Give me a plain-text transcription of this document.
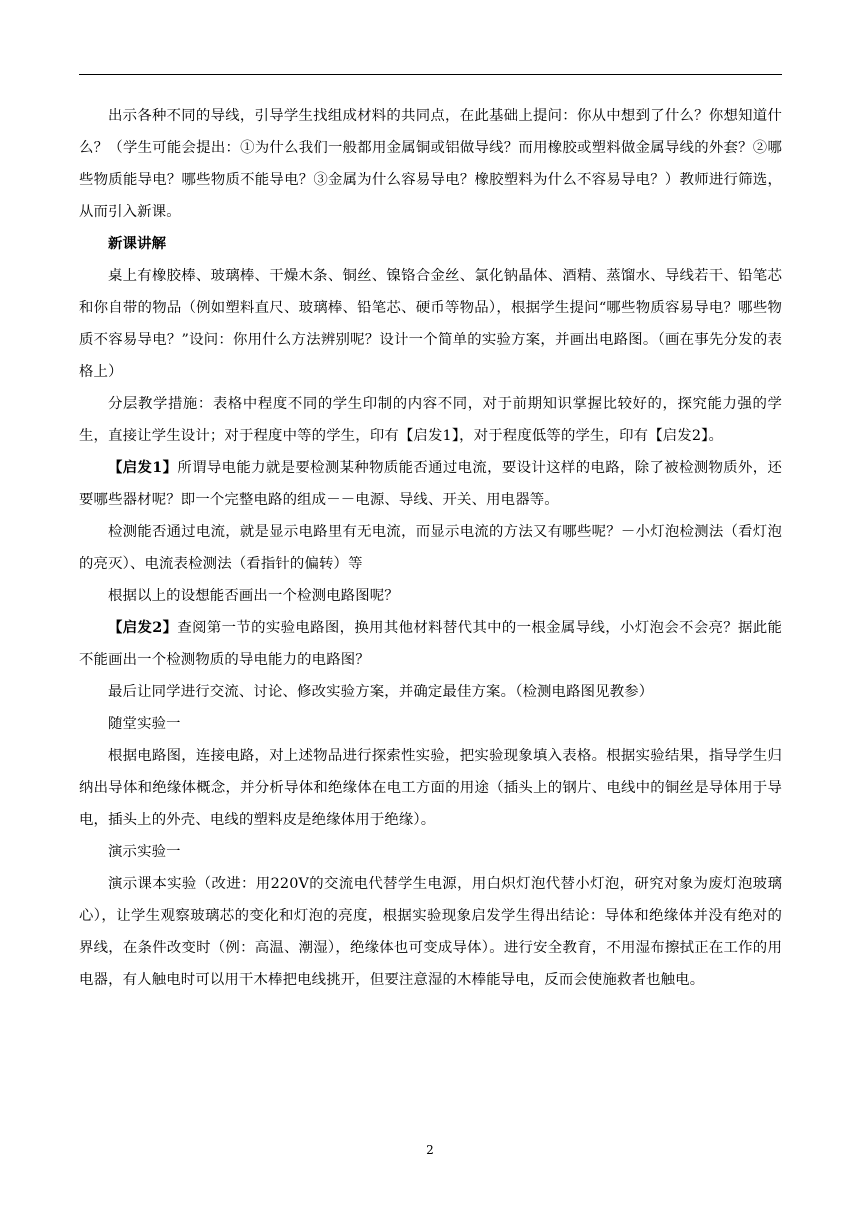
出示各种不同的导线，引导学生找组成材料的共同点，在此基础上提问：你从中想到了什么？你想知道什么？（学生可能会提出：①为什么我们一般都用金属铜或铝做导线？而用橡胶或塑料做金属导线的外套？②哪些物质能导电？哪些物质不能导电？③金属为什么容易导电？橡胶塑料为什么不容易导电？）教师进行筛选，从而引入新课。

新课讲解

桌上有橡胶棒、玻璃棒、干燥木条、铜丝、镍铬合金丝、氯化钠晶体、酒精、蒸馏水、导线若干、铅笔芯和你自带的物品（例如塑料直尺、玻璃棒、铅笔芯、硬币等物品），根据学生提问“哪些物质容易导电？哪些物质不容易导电？”设问：你用什么方法辨别呢？设计一个简单的实验方案，并画出电路图。（画在事先分发的表格上）

分层教学措施：表格中程度不同的学生印制的内容不同，对于前期知识掌握比较好的，探究能力强的学生，直接让学生设计；对于程度中等的学生，印有【启发1】，对于程度低等的学生，印有【启发2】。

【启发1】所谓导电能力就是要检测某种物质能否通过电流，要设计这样的电路，除了被检测物质外，还要哪些器材呢？即一个完整电路的组成－－电源、导线、开关、用电器等。

检测能否通过电流，就是显示电路里有无电流，而显示电流的方法又有哪些呢？－小灯泡检测法（看灯泡的亮灭）、电流表检测法（看指针的偏转）等

根据以上的设想能否画出一个检测电路图呢？

【启发2】查阅第一节的实验电路图，换用其他材料替代其中的一根金属导线，小灯泡会不会亮？据此能不能画出一个检测物质的导电能力的电路图？

最后让同学进行交流、讨论、修改实验方案，并确定最佳方案。（检测电路图见教参）

随堂实验一

根据电路图，连接电路，对上述物品进行探索性实验，把实验现象填入表格。根据实验结果，指导学生归纳出导体和绝缘体概念，并分析导体和绝缘体在电工方面的用途（插头上的钢片、电线中的铜丝是导体用于导电，插头上的外壳、电线的塑料皮是绝缘体用于绝缘）。

演示实验一

演示课本实验（改进：用220V的交流电代替学生电源，用白炽灯泡代替小灯泡，研究对象为废灯泡玻璃心），让学生观察玻璃芯的变化和灯泡的亮度，根据实验现象启发学生得出结论：导体和绝缘体并没有绝对的界线，在条件改变时（例：高温、潮湿），绝缘体也可变成导体）。进行安全教育，不用湿布擦拭正在工作的用电器，有人触电时可以用干木棒把电线挑开，但要注意湿的木棒能导电，反而会使施救者也触电。

2
